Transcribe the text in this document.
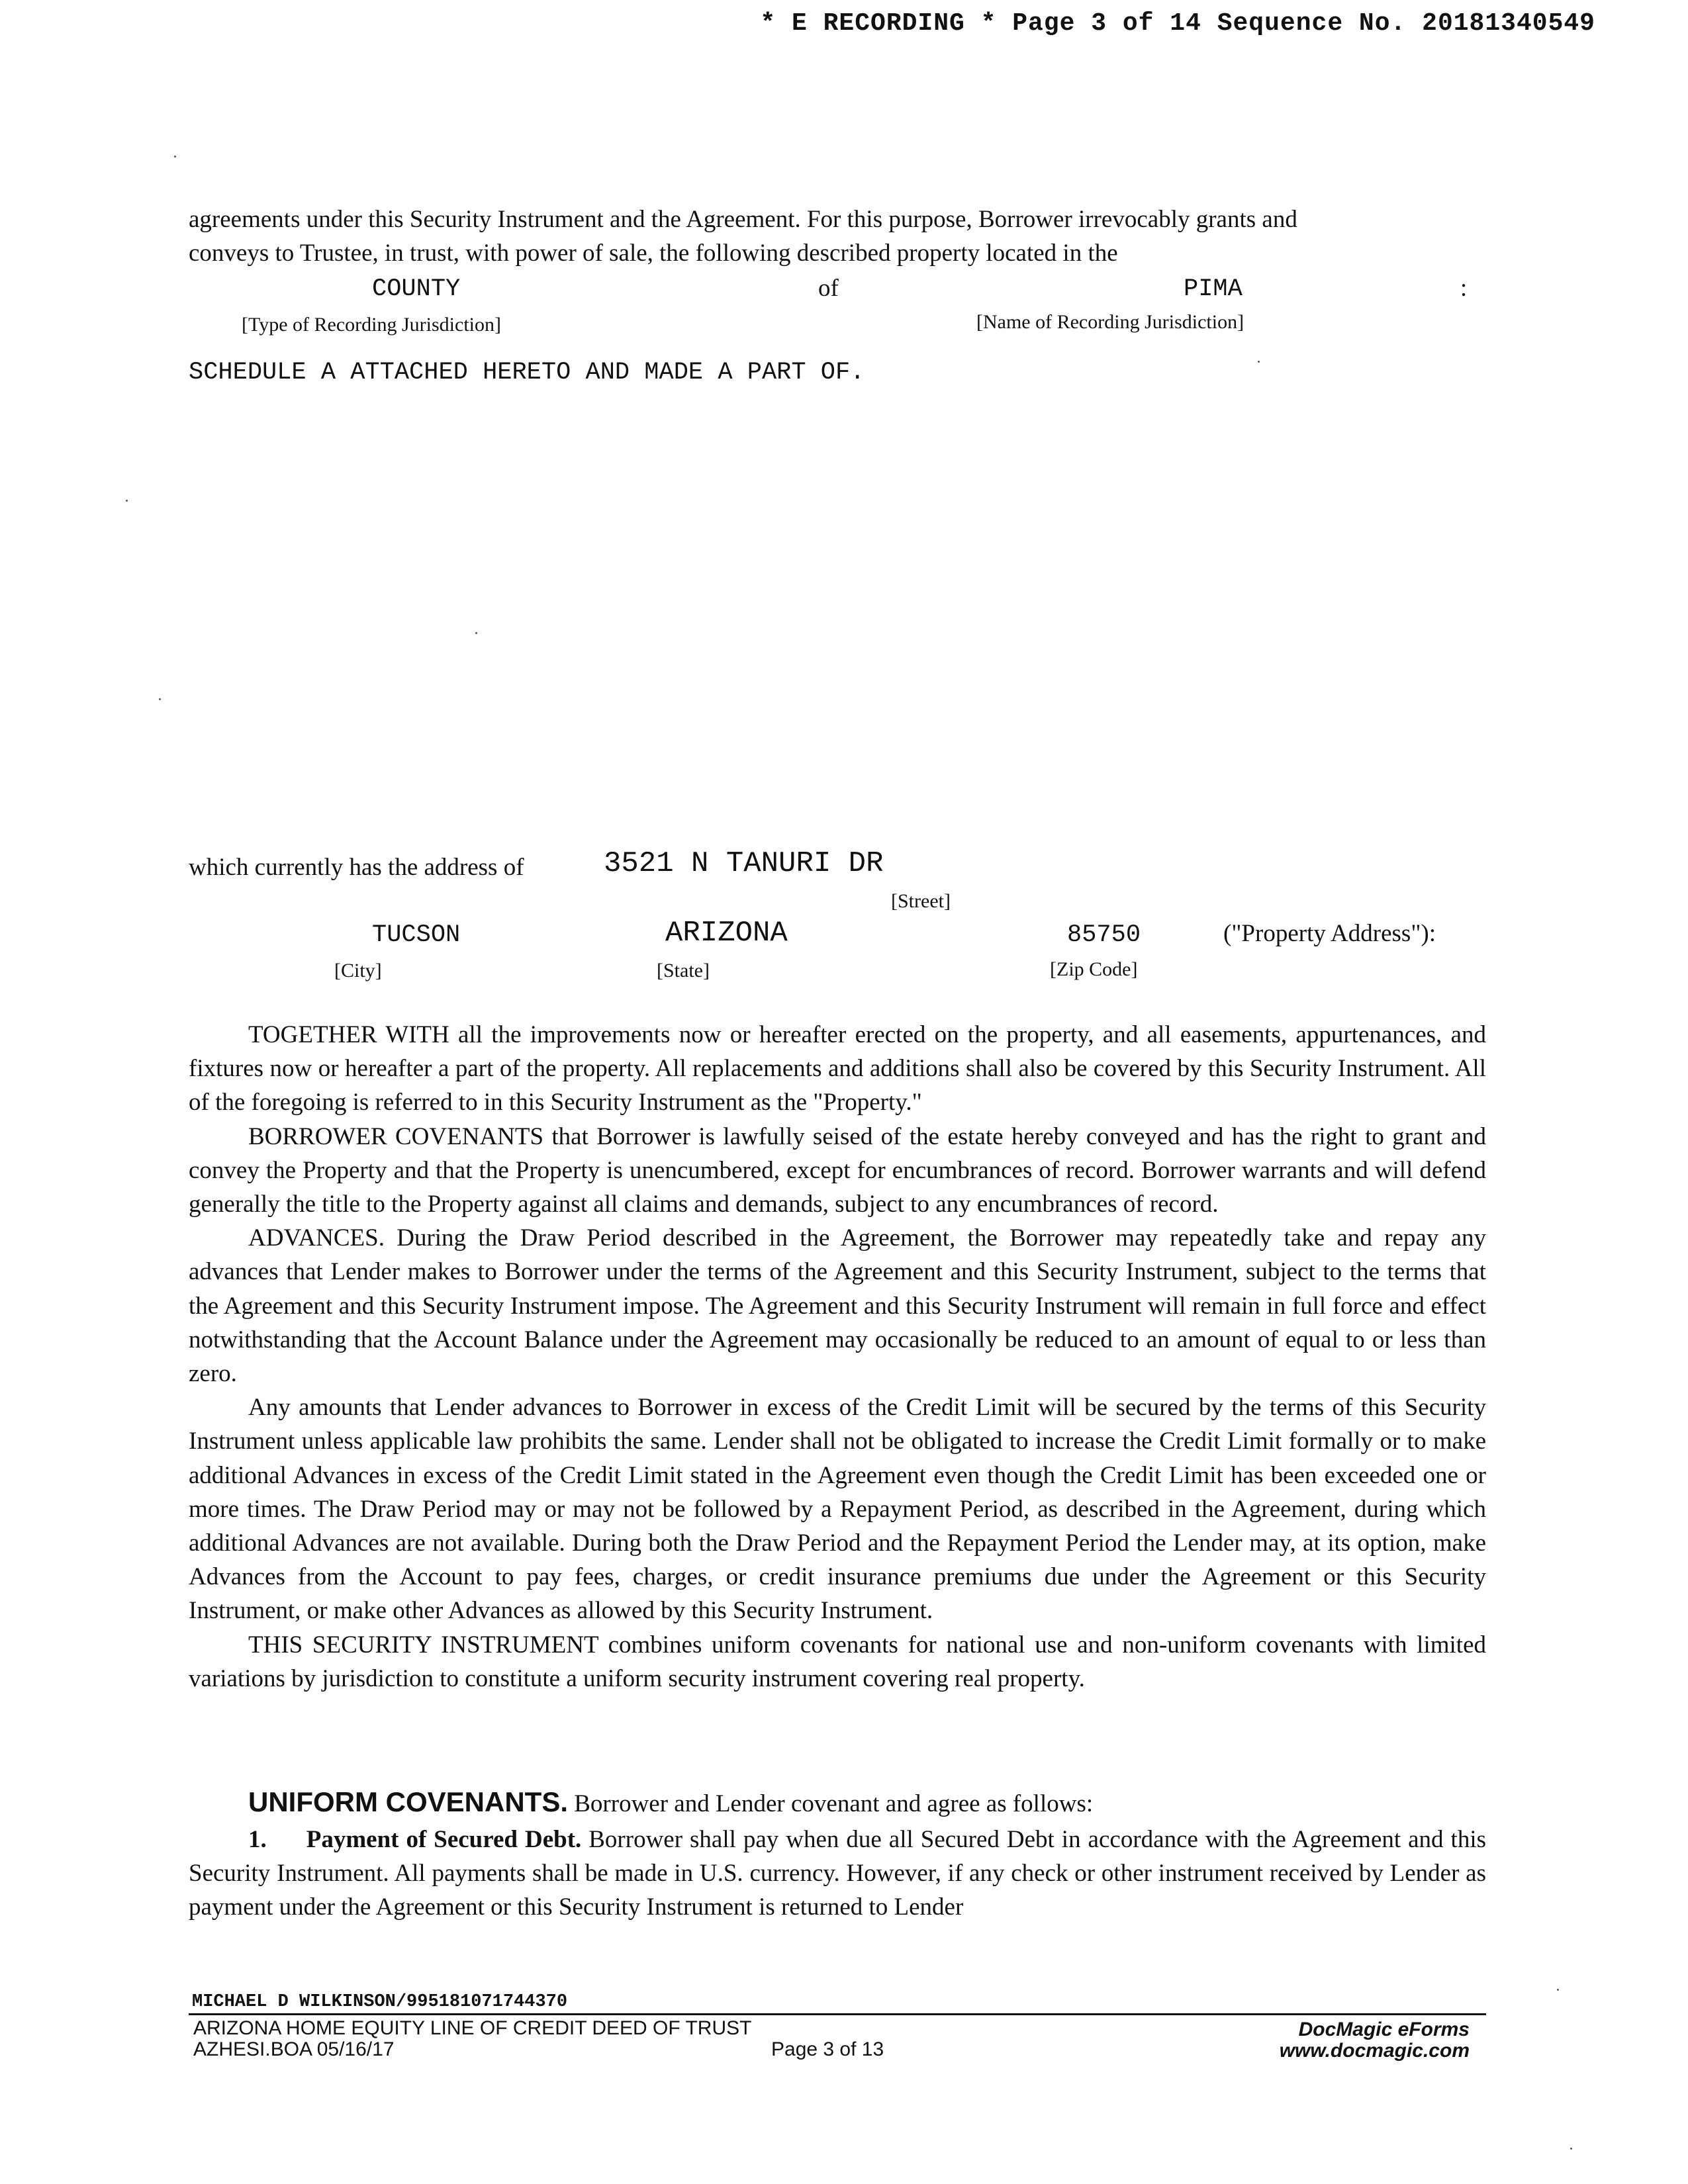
* E RECORDING * Page 3 of 14 Sequence No. 20181340549
agreements under this Security Instrument and the Agreement. For this purpose, Borrower irrevocably grants and
conveys to Trustee, in trust, with power of sale, the following described property located in the
COUNTY	of	PIMA	:
[Type of Recording Jurisdiction]	[Name of Recording Jurisdiction]
SCHEDULE A ATTACHED HERETO AND MADE A PART OF.
which currently has the address of	3521 N TANURI DR
[Street]
TUCSON	ARIZONA	85750	("Property Address"):
[City]	[State]	[Zip Code]

TOGETHER WITH all the improvements now or hereafter erected on the property, and all easements, appurtenances, and fixtures now or hereafter a part of the property. All replacements and additions shall also be covered by this Security Instrument. All of the foregoing is referred to in this Security Instrument as the "Property."

BORROWER COVENANTS that Borrower is lawfully seised of the estate hereby conveyed and has the right to grant and convey the Property and that the Property is unencumbered, except for encumbrances of record. Borrower warrants and will defend generally the title to the Property against all claims and demands, subject to any encumbrances of record.

ADVANCES. During the Draw Period described in the Agreement, the Borrower may repeatedly take and repay any advances that Lender makes to Borrower under the terms of the Agreement and this Security Instrument, subject to the terms that the Agreement and this Security Instrument impose. The Agreement and this Security Instrument will remain in full force and effect notwithstanding that the Account Balance under the Agreement may occasionally be reduced to an amount of equal to or less than zero.

Any amounts that Lender advances to Borrower in excess of the Credit Limit will be secured by the terms of this Security Instrument unless applicable law prohibits the same. Lender shall not be obligated to increase the Credit Limit formally or to make additional Advances in excess of the Credit Limit stated in the Agreement even though the Credit Limit has been exceeded one or more times. The Draw Period may or may not be followed by a Repayment Period, as described in the Agreement, during which additional Advances are not available. During both the Draw Period and the Repayment Period the Lender may, at its option, make Advances from the Account to pay fees, charges, or credit insurance premiums due under the Agreement or this Security Instrument, or make other Advances as allowed by this Security Instrument.

THIS SECURITY INSTRUMENT combines uniform covenants for national use and non-uniform covenants with limited variations by jurisdiction to constitute a uniform security instrument covering real property.

UNIFORM COVENANTS. Borrower and Lender covenant and agree as follows:

1. Payment of Secured Debt. Borrower shall pay when due all Secured Debt in accordance with the Agreement and this Security Instrument. All payments shall be made in U.S. currency. However, if any check or other instrument received by Lender as payment under the Agreement or this Security Instrument is returned to Lender

MICHAEL D WILKINSON/995181071744370
ARIZONA HOME EQUITY LINE OF CREDIT DEED OF TRUST
AZHESI.BOA 05/16/17	Page 3 of 13
DocMagic eForms
www.docmagic.com
